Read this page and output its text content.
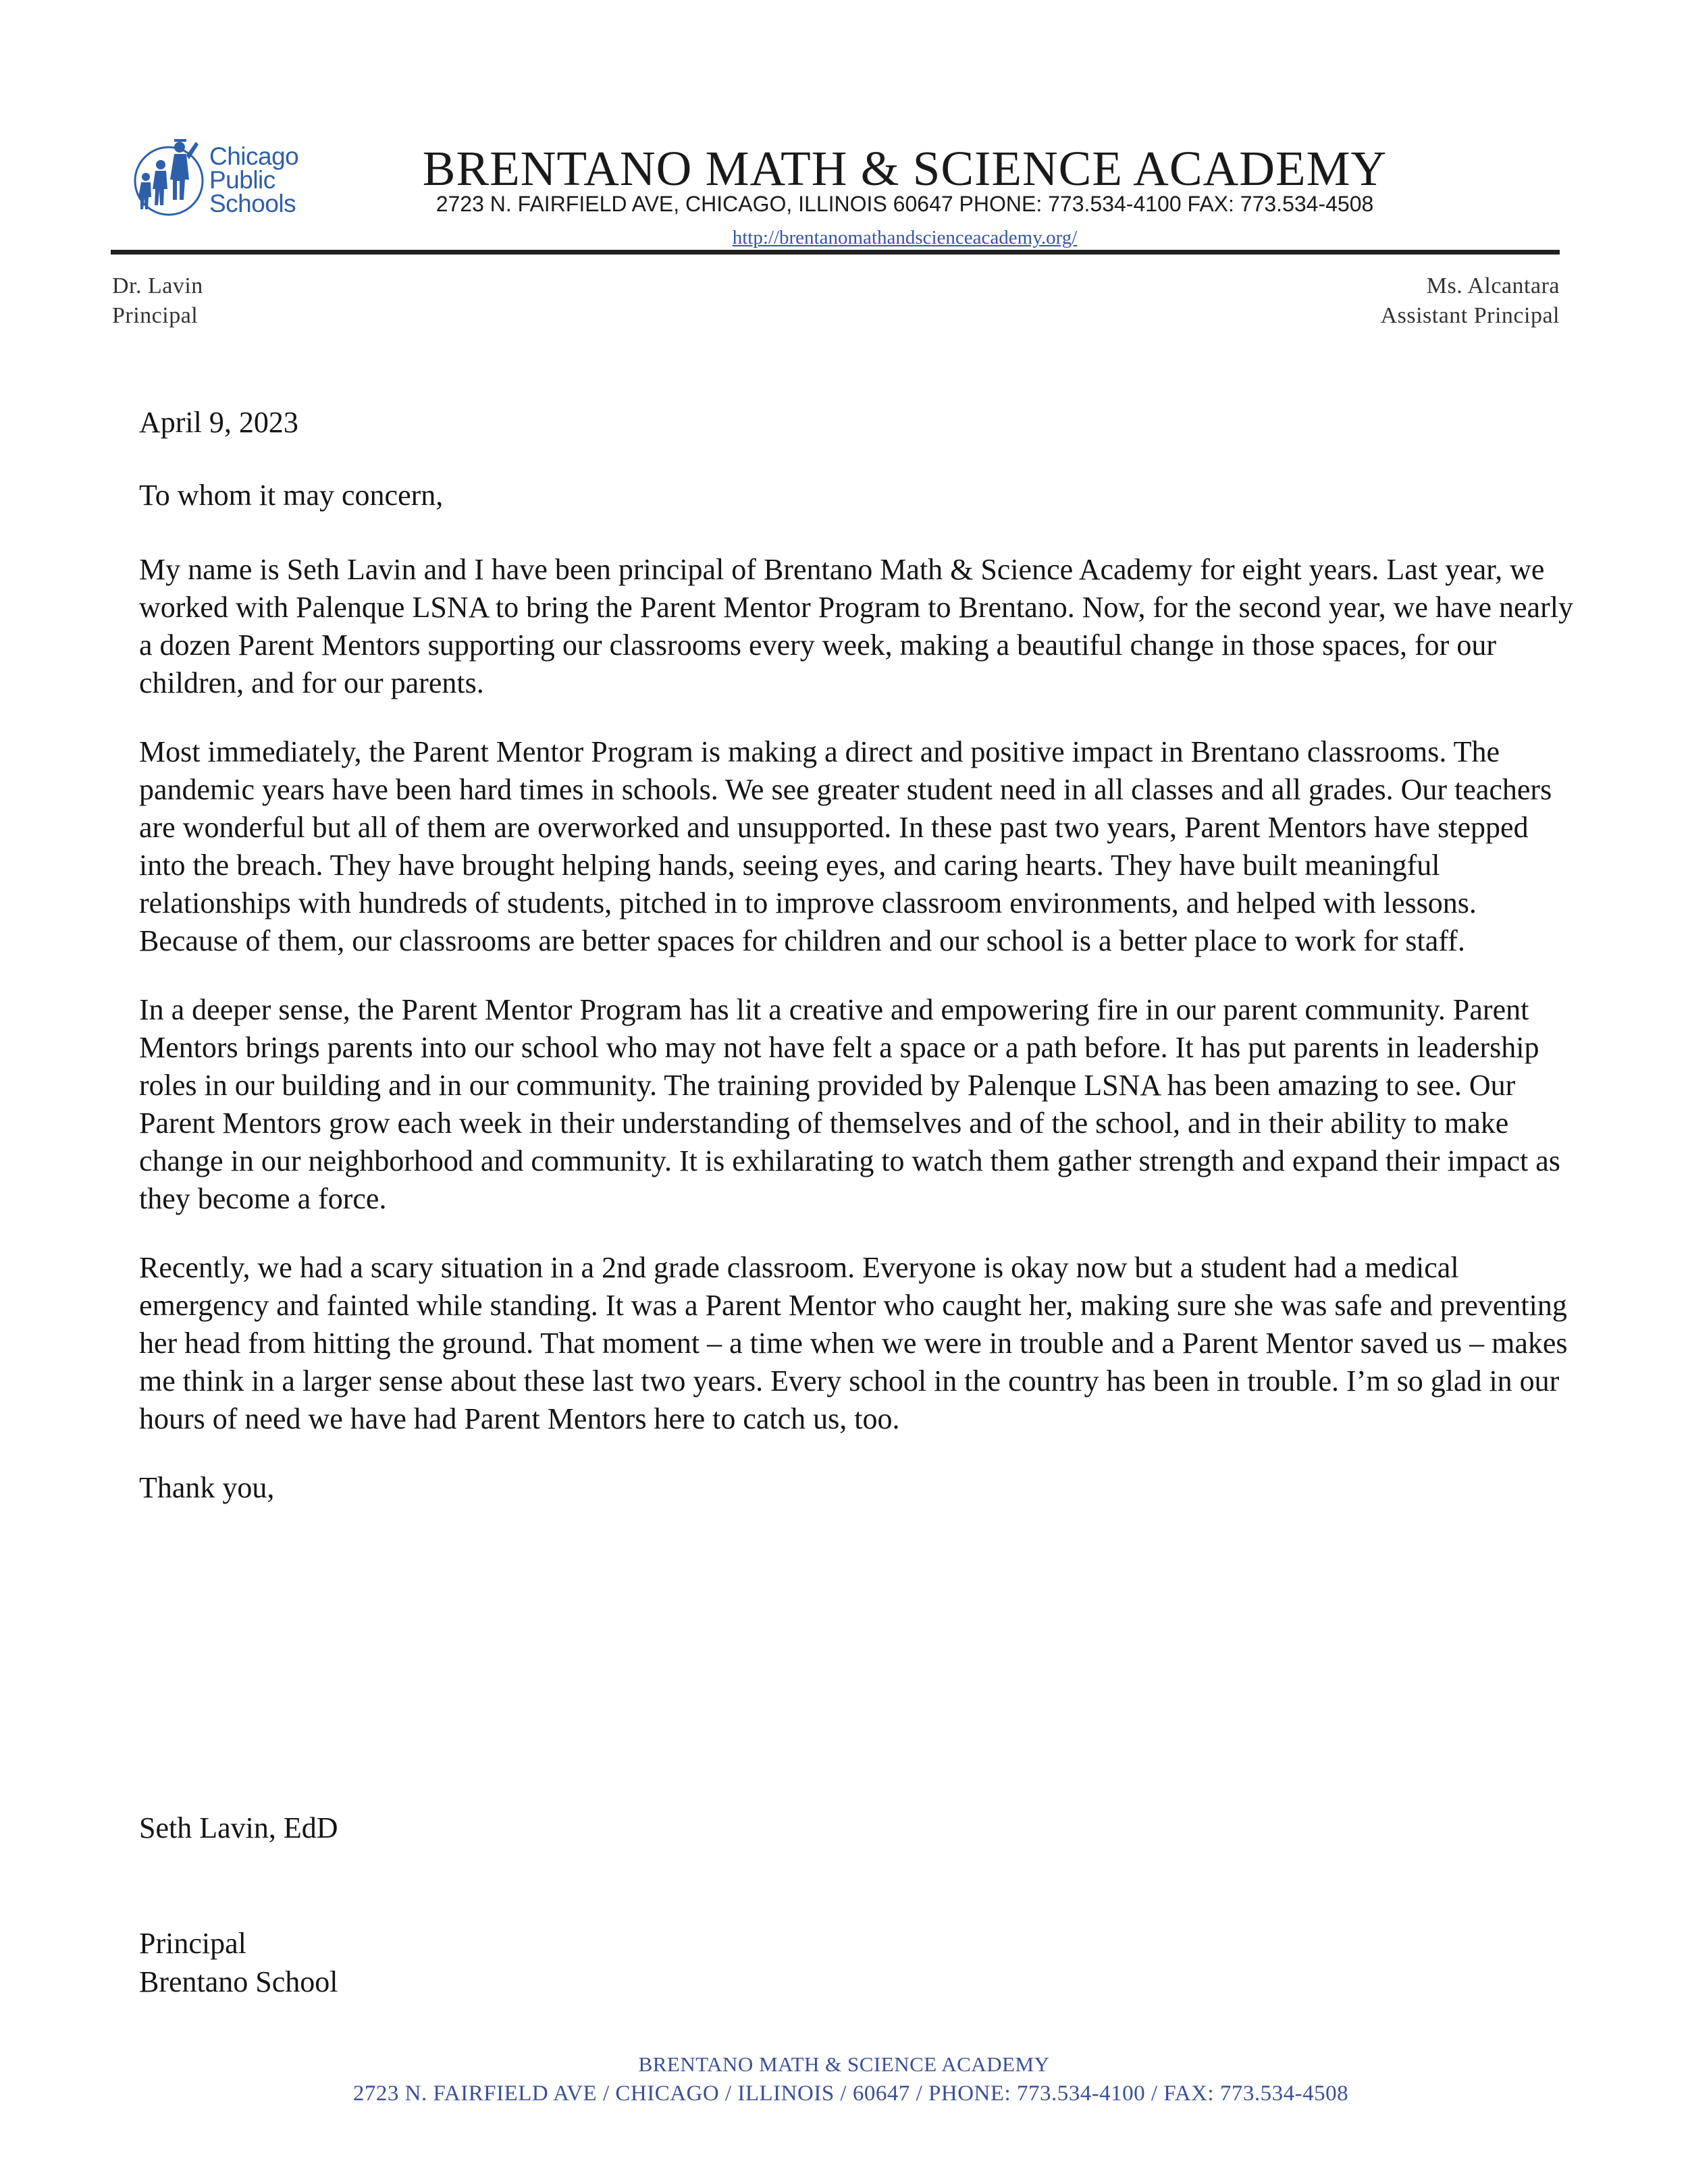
Chicago
Public
Schools
BRENTANO MATH & SCIENCE ACADEMY
2723 N. FAIRFIELD AVE, CHICAGO, ILLINOIS 60647 PHONE: 773.534-4100 FAX: 773.534-4508
http://brentanomathandscienceacademy.org/
Dr. Lavin
Principal
Ms. Alcantara
Assistant Principal

April 9, 2023

To whom it may concern,

My name is Seth Lavin and I have been principal of Brentano Math & Science Academy for eight years. Last year, we worked with Palenque LSNA to bring the Parent Mentor Program to Brentano. Now, for the second year, we have nearly a dozen Parent Mentors supporting our classrooms every week, making a beautiful change in those spaces, for our children, and for our parents.

Most immediately, the Parent Mentor Program is making a direct and positive impact in Brentano classrooms. The pandemic years have been hard times in schools. We see greater student need in all classes and all grades. Our teachers are wonderful but all of them are overworked and unsupported. In these past two years, Parent Mentors have stepped into the breach. They have brought helping hands, seeing eyes, and caring hearts. They have built meaningful relationships with hundreds of students, pitched in to improve classroom environments, and helped with lessons. Because of them, our classrooms are better spaces for children and our school is a better place to work for staff.

In a deeper sense, the Parent Mentor Program has lit a creative and empowering fire in our parent community. Parent Mentors brings parents into our school who may not have felt a space or a path before. It has put parents in leadership roles in our building and in our community. The training provided by Palenque LSNA has been amazing to see. Our Parent Mentors grow each week in their understanding of themselves and of the school, and in their ability to make change in our neighborhood and community. It is exhilarating to watch them gather strength and expand their impact as they become a force.

Recently, we had a scary situation in a 2nd grade classroom. Everyone is okay now but a student had a medical emergency and fainted while standing. It was a Parent Mentor who caught her, making sure she was safe and preventing her head from hitting the ground. That moment – a time when we were in trouble and a Parent Mentor saved us – makes me think in a larger sense about these last two years. Every school in the country has been in trouble. I’m so glad in our hours of need we have had Parent Mentors here to catch us, too.

Thank you,

Seth Lavin, EdD
Principal
Brentano School
BRENTANO MATH & SCIENCE ACADEMY
2723 N. FAIRFIELD AVE / CHICAGO / ILLINOIS / 60647 / PHONE: 773.534-4100 / FAX: 773.534-4508
